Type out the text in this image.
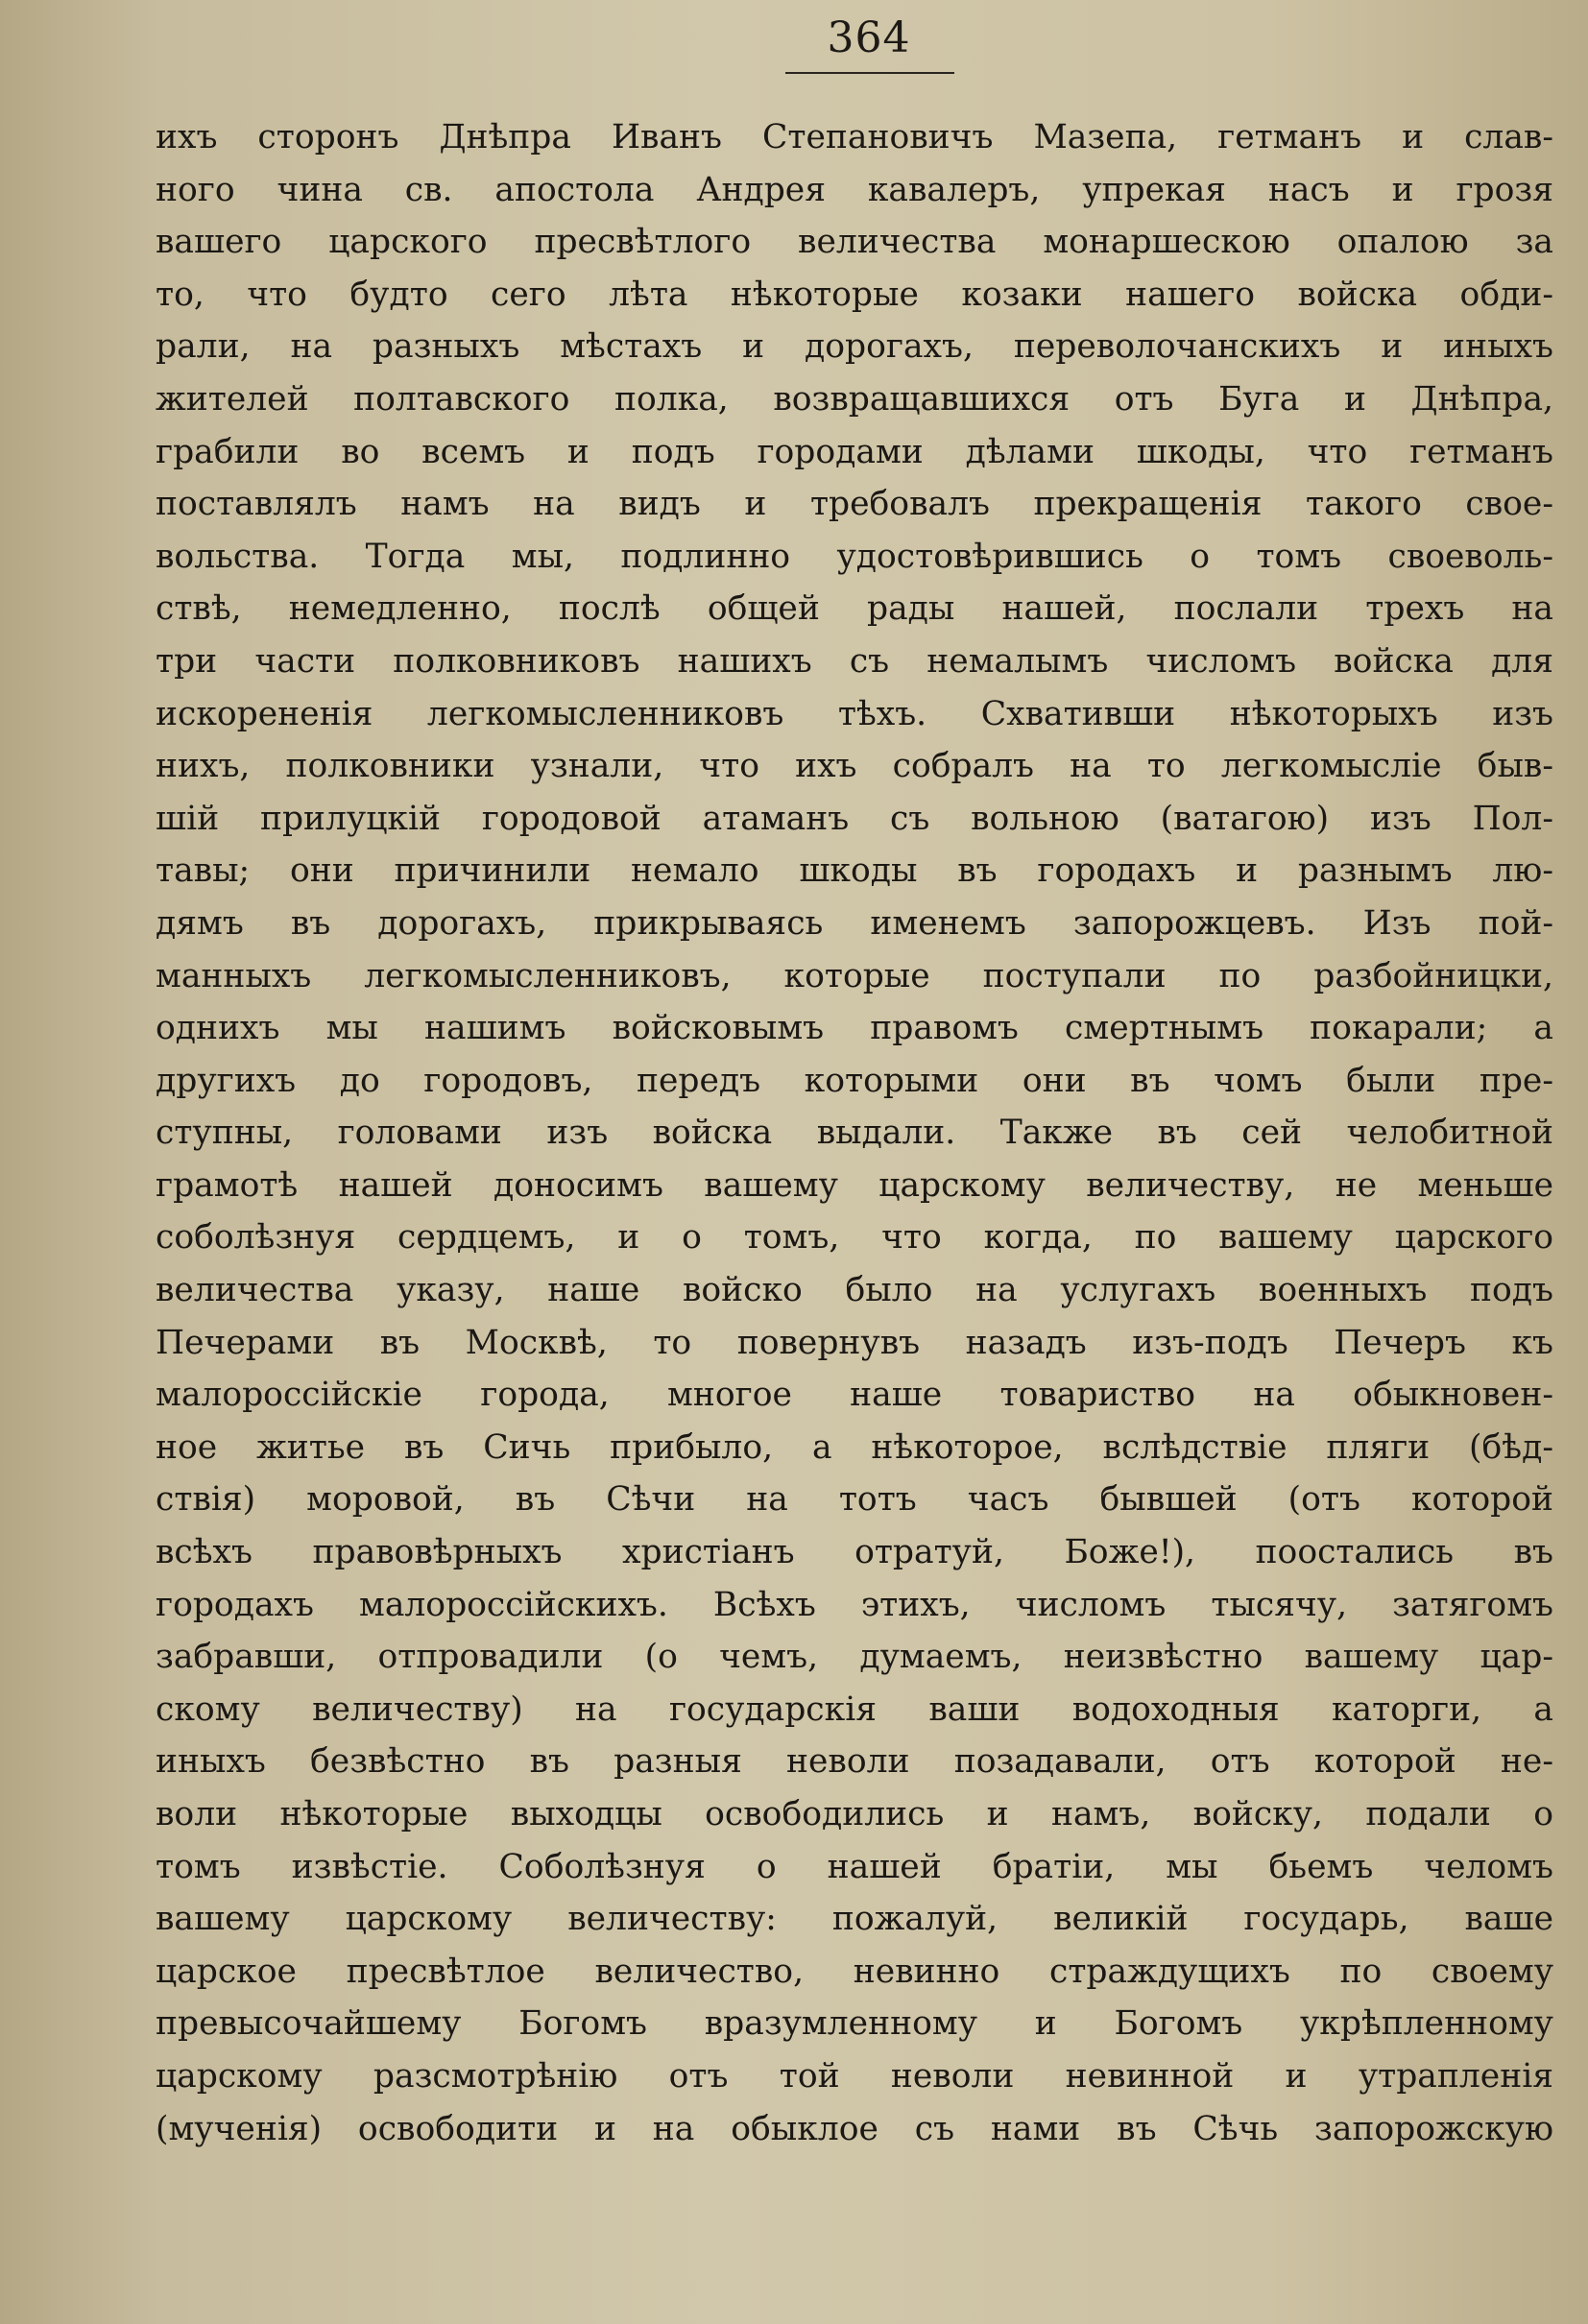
364
ихъ сторонъ Днѣпра Иванъ Степановичъ Мазепа, гетманъ и слав-
ного чина св. апостола Андрея кавалеръ, упрекая насъ и грозя
вашего царского пресвѣтлого величества монаршескою опалою за
то, что будто сего лѣта нѣкоторые козаки нашего войска обди-
рали, на разныхъ мѣстахъ и дорогахъ, переволочанскихъ и иныхъ
жителей полтавского полка, возвращавшихся отъ Буга и Днѣпра,
грабили во всемъ и подъ городами дѣлами шкоды, что гетманъ
поставлялъ намъ на видъ и требовалъ прекращенія такого свое-
вольства. Тогда мы, подлинно удостовѣрившись о томъ своеволь-
ствѣ, немедленно, послѣ общей рады нашей, послали трехъ на
три части полковниковъ нашихъ съ немалымъ числомъ войска для
искорененія легкомысленниковъ тѣхъ. Схвативши нѣкоторыхъ изъ
нихъ, полковники узнали, что ихъ собралъ на то легкомысліе быв-
шій прилуцкій городовой атаманъ съ вольною (ватагою) изъ Пол-
тавы; они причинили немало шкоды въ городахъ и разнымъ лю-
дямъ въ дорогахъ, прикрываясь именемъ запорожцевъ. Изъ пой-
манныхъ легкомысленниковъ, которые поступали по разбойницки,
однихъ мы нашимъ войсковымъ правомъ смертнымъ покарали; а
другихъ до городовъ, передъ которыми они въ чомъ были пре-
ступны, головами изъ войска выдали. Также въ сей челобитной
грамотѣ нашей доносимъ вашему царскому величеству, не меньше
соболѣзнуя сердцемъ, и о томъ, что когда, по вашему царского
величества указу, наше войско было на услугахъ военныхъ подъ
Печерами въ Москвѣ, то повернувъ назадъ изъ-подъ Печеръ къ
малороссійскіе города, многое наше товариство на обыкновен-
ное житье въ Сичь прибыло, а нѣкоторое, вслѣдствіе пляги (бѣд-
ствія) моровой, въ Сѣчи на тотъ часъ бывшей (отъ которой
всѣхъ правовѣрныхъ христіанъ отратуй, Боже!), поостались въ
городахъ малороссійскихъ. Всѣхъ этихъ, числомъ тысячу, затягомъ
забравши, отпровадили (о чемъ, думаемъ, неизвѣстно вашему цар-
скому величеству) на государскія ваши водоходныя каторги, а
иныхъ безвѣстно въ разныя неволи позадавали, отъ которой не-
воли нѣкоторые выходцы освободились и намъ, войску, подали о
томъ извѣстіе. Соболѣзнуя о нашей братіи, мы бьемъ челомъ
вашему царскому величеству: пожалуй, великій государь, ваше
царское пресвѣтлое величество, невинно страждущихъ по своему
превысочайшему Богомъ вразумленному и Богомъ укрѣпленному
царскому разсмотрѣнію отъ той неволи невинной и утрапленія
(мученія) освободити и на обыклое съ нами въ Сѣчь запорожскую
